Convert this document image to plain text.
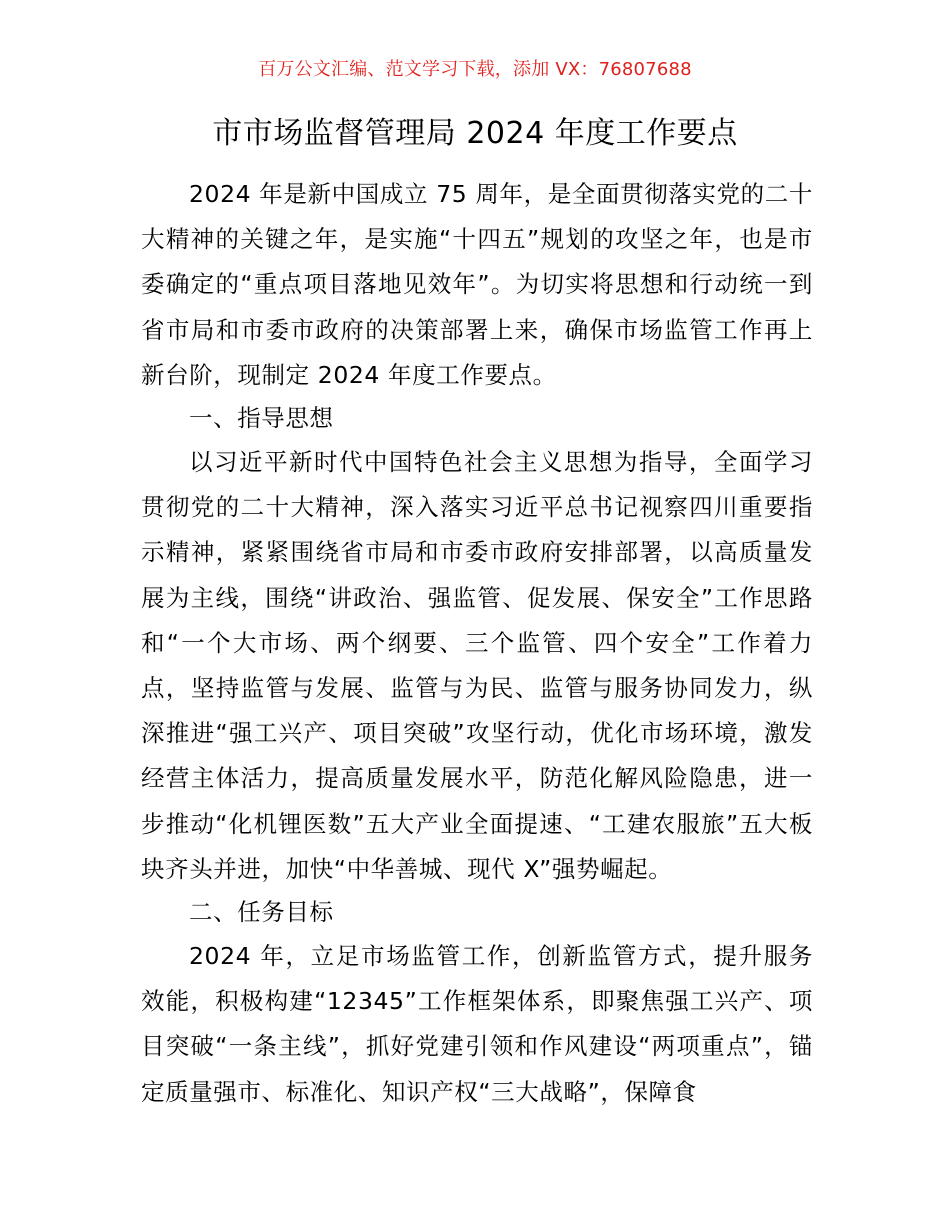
百万公文汇编、范文学习下载，添加 VX：76807688
市市场监督管理局 2024 年度工作要点
2024 年是新中国成立 75 周年，是全面贯彻落实党的二十大精神的关键之年，是实施“十四五”规划的攻坚之年，也是市委确定的“重点项目落地见效年”。为切实将思想和行动统一到省市局和市委市政府的决策部署上来，确保市场监管工作再上新台阶，现制定 2024 年度工作要点。
一、指导思想
以习近平新时代中国特色社会主义思想为指导，全面学习贯彻党的二十大精神，深入落实习近平总书记视察四川重要指示精神，紧紧围绕省市局和市委市政府安排部署，以高质量发展为主线，围绕“讲政治、强监管、促发展、保安全”工作思路和“一个大市场、两个纲要、三个监管、四个安全”工作着力点，坚持监管与发展、监管与为民、监管与服务协同发力，纵深推进“强工兴产、项目突破”攻坚行动，优化市场环境，激发经营主体活力，提高质量发展水平，防范化解风险隐患，进一步推动“化机锂医数”五大产业全面提速、“工建农服旅”五大板块齐头并进，加快“中华善城、现代 X”强势崛起。
二、任务目标
2024 年，立足市场监管工作，创新监管方式，提升服务效能，积极构建“12345”工作框架体系，即聚焦强工兴产、项目突破“一条主线”，抓好党建引领和作风建设“两项重点”，锚定质量强市、标准化、知识产权“三大战略”，保障食
